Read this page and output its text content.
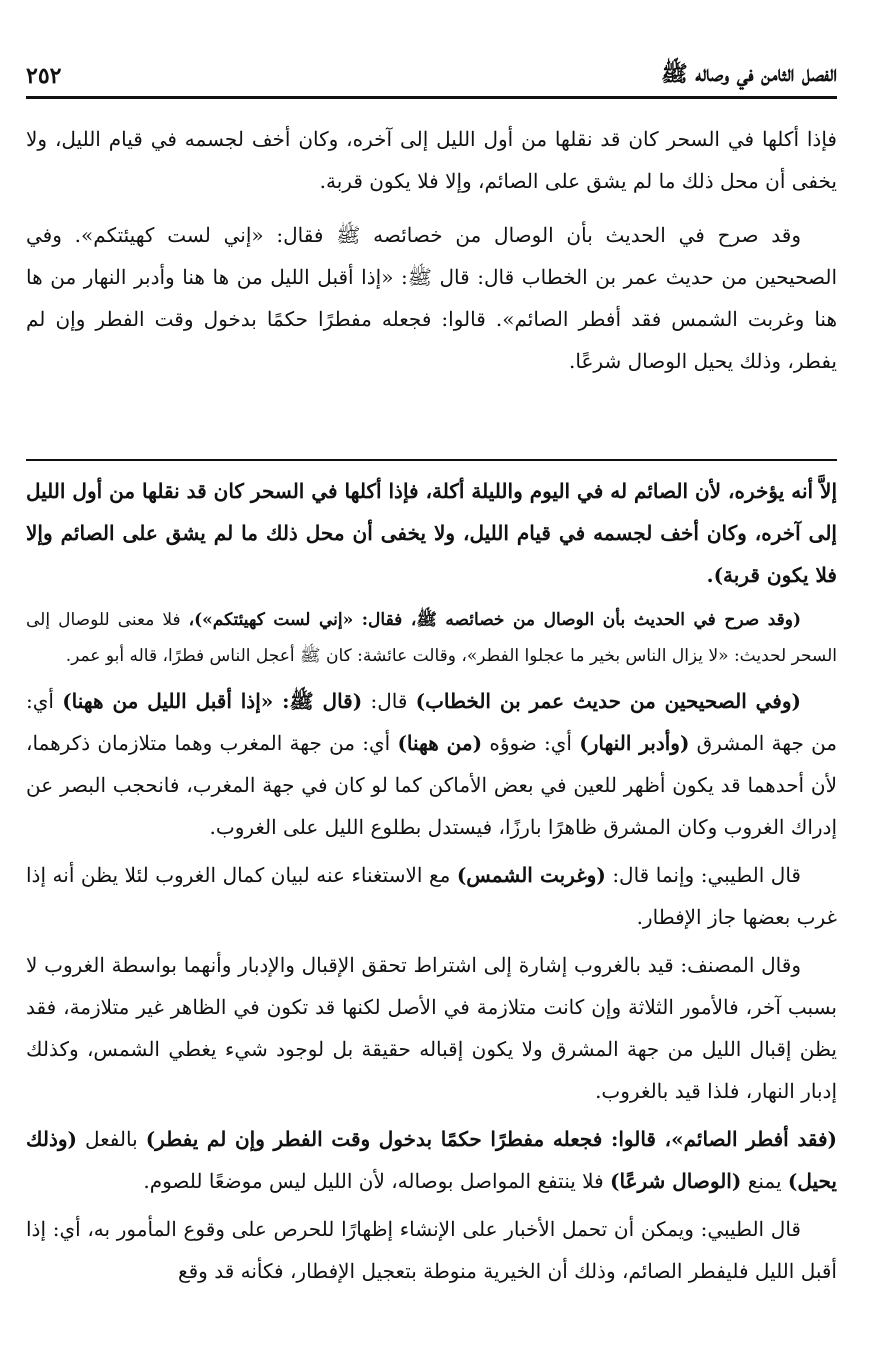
الفصل الثامن في وصاله ﷺ
٢٥٢

فإذا أكلها في السحر كان قد نقلها من أول الليل إلى آخره، وكان أخف لجسمه في قيام الليل، ولا يخفى أن محل ذلك ما لم يشق على الصائم، وإلا فلا يكون قربة.

وقد صرح في الحديث بأن الوصال من خصائصه ﷺ فقال: «إني لست كهيئتكم». وفي الصحيحين من حديث عمر بن الخطاب قال: قال ﷺ: «إذا أقبل الليل من ها هنا وأدبر النهار من ها هنا وغربت الشمس فقد أفطر الصائم». قالوا: فجعله مفطرًا حكمًا بدخول وقت الفطر وإن لم يفطر، وذلك يحيل الوصال شرعًا.

إلاَّ أنه يؤخره، لأن الصائم له في اليوم والليلة أكلة، فإذا أكلها في السحر كان قد نقلها من أول الليل إلى آخره، وكان أخف لجسمه في قيام الليل، ولا يخفى أن محل ذلك ما لم يشق على الصائم وإلا فلا يكون قربة).

(وقد صرح في الحديث بأن الوصال من خصائصه ﷺ، فقال: «إني لست كهيئتكم»)، فلا معنى للوصال إلى السحر لحديث: «لا يزال الناس بخير ما عجلوا الفطر»، وقالت عائشة: كان ﷺ أعجل الناس فطرًا، قاله أبو عمر.

(وفي الصحيحين من حديث عمر بن الخطاب) قال: (قال ﷺ: «إذا أقبل الليل من ههنا) أي: من جهة المشرق (وأدبر النهار) أي: ضوؤه (من ههنا) أي: من جهة المغرب وهما متلازمان ذكرهما، لأن أحدهما قد يكون أظهر للعين في بعض الأماكن كما لو كان في جهة المغرب، فانحجب البصر عن إدراك الغروب وكان المشرق ظاهرًا بارزًا، فيستدل بطلوع الليل على الغروب.

قال الطيبي: وإنما قال: (وغربت الشمس) مع الاستغناء عنه لبيان كمال الغروب لئلا يظن أنه إذا غرب بعضها جاز الإفطار.

وقال المصنف: قيد بالغروب إشارة إلى اشتراط تحقق الإقبال والإدبار وأنهما بواسطة الغروب لا بسبب آخر، فالأمور الثلاثة وإن كانت متلازمة في الأصل لكنها قد تكون في الظاهر غير متلازمة، فقد يظن إقبال الليل من جهة المشرق ولا يكون إقباله حقيقة بل لوجود شيء يغطي الشمس، وكذلك إدبار النهار، فلذا قيد بالغروب.

(فقد أفطر الصائم»، قالوا: فجعله مفطرًا حكمًا بدخول وقت الفطر وإن لم يفطر) بالفعل (وذلك يحيل) يمنع (الوصال شرعًا) فلا ينتفع المواصل بوصاله، لأن الليل ليس موضعًا للصوم.

قال الطيبي: ويمكن أن تحمل الأخبار على الإنشاء إظهارًا للحرص على وقوع المأمور به، أي: إذا أقبل الليل فليفطر الصائم، وذلك أن الخيرية منوطة بتعجيل الإفطار، فكأنه قد وقع
